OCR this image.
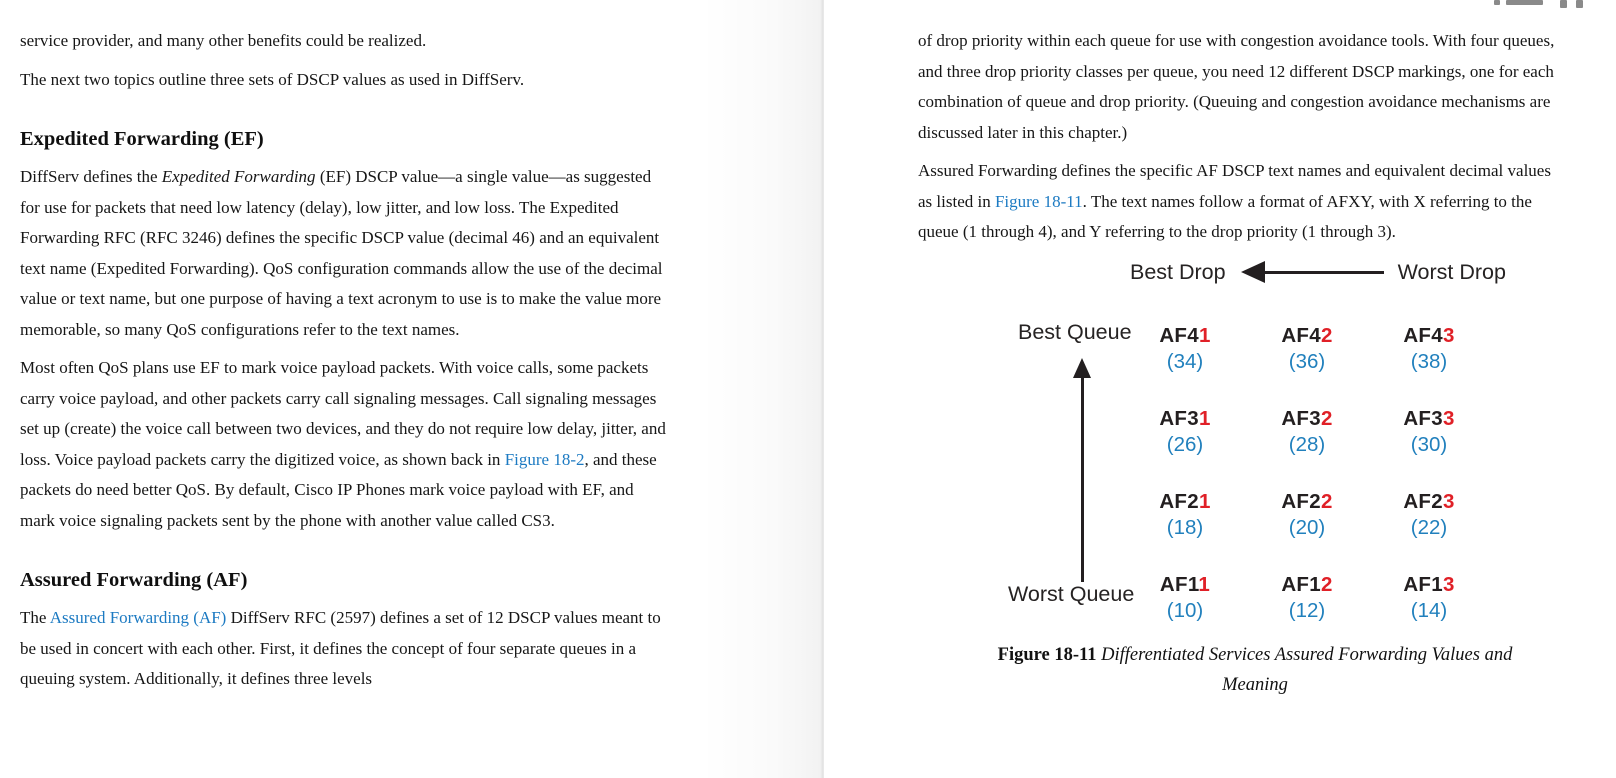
service provider, and many other benefits could be realized.

The next two topics outline three sets of DSCP values as used in DiffServ.

Expedited Forwarding (EF)

DiffServ defines the Expedited Forwarding (EF) DSCP value—a single value—as suggested for use for packets that need low latency (delay), low jitter, and low loss. The Expedited Forwarding RFC (RFC 3246) defines the specific DSCP value (decimal 46) and an equivalent text name (Expedited Forwarding). QoS configuration commands allow the use of the decimal value or text name, but one purpose of having a text acronym to use is to make the value more memorable, so many QoS configurations refer to the text names.

Most often QoS plans use EF to mark voice payload packets. With voice calls, some packets carry voice payload, and other packets carry call signaling messages. Call signaling messages set up (create) the voice call between two devices, and they do not require low delay, jitter, and loss. Voice payload packets carry the digitized voice, as shown back in Figure 18-2, and these packets do need better QoS. By default, Cisco IP Phones mark voice payload with EF, and mark voice signaling packets sent by the phone with another value called CS3.

Assured Forwarding (AF)

The Assured Forwarding (AF) DiffServ RFC (2597) defines a set of 12 DSCP values meant to be used in concert with each other. First, it defines the concept of four separate queues in a queuing system. Additionally, it defines three levels

of drop priority within each queue for use with congestion avoidance tools. With four queues, and three drop priority classes per queue, you need 12 different DSCP markings, one for each combination of queue and drop priority. (Queuing and congestion avoidance mechanisms are discussed later in this chapter.)

Assured Forwarding defines the specific AF DSCP text names and equivalent decimal values as listed in Figure 18-11. The text names follow a format of AFXY, with X referring to the queue (1 through 4), and Y referring to the drop priority (1 through 3).

Best Drop	Worst Drop
Best Queue
Worst Queue
AF41
(34)
AF42
(36)
AF43
(38)
AF31
(26)
AF32
(28)
AF33
(30)
AF21
(18)
AF22
(20)
AF23
(22)
AF11
(10)
AF12
(12)
AF13
(14)
Figure 18-11 Differentiated Services Assured Forwarding Values and
Meaning
